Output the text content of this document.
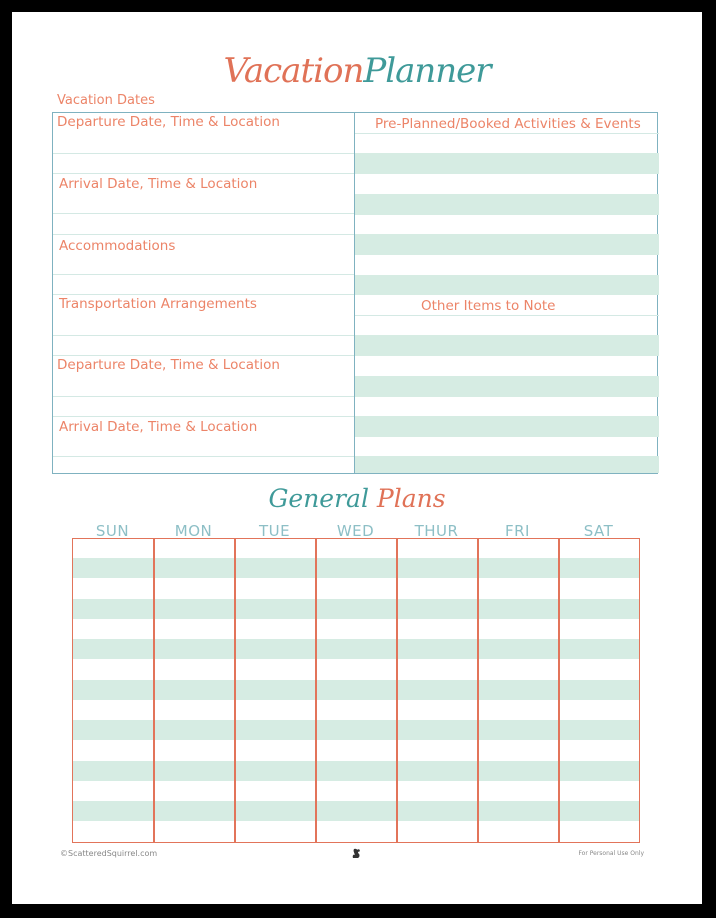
VacationPlanner
Vacation Dates
Departure Date, Time & Location
Arrival Date, Time & Location
Accommodations
Transportation Arrangements
Departure Date, Time & Location
Arrival Date, Time & Location
Pre-Planned/Booked Activities & Events
Other Items to Note
General Plans
SUN	MON	TUE	WED	THUR	FRI	SAT
©ScatteredSquirrel.com	For Personal Use Only
